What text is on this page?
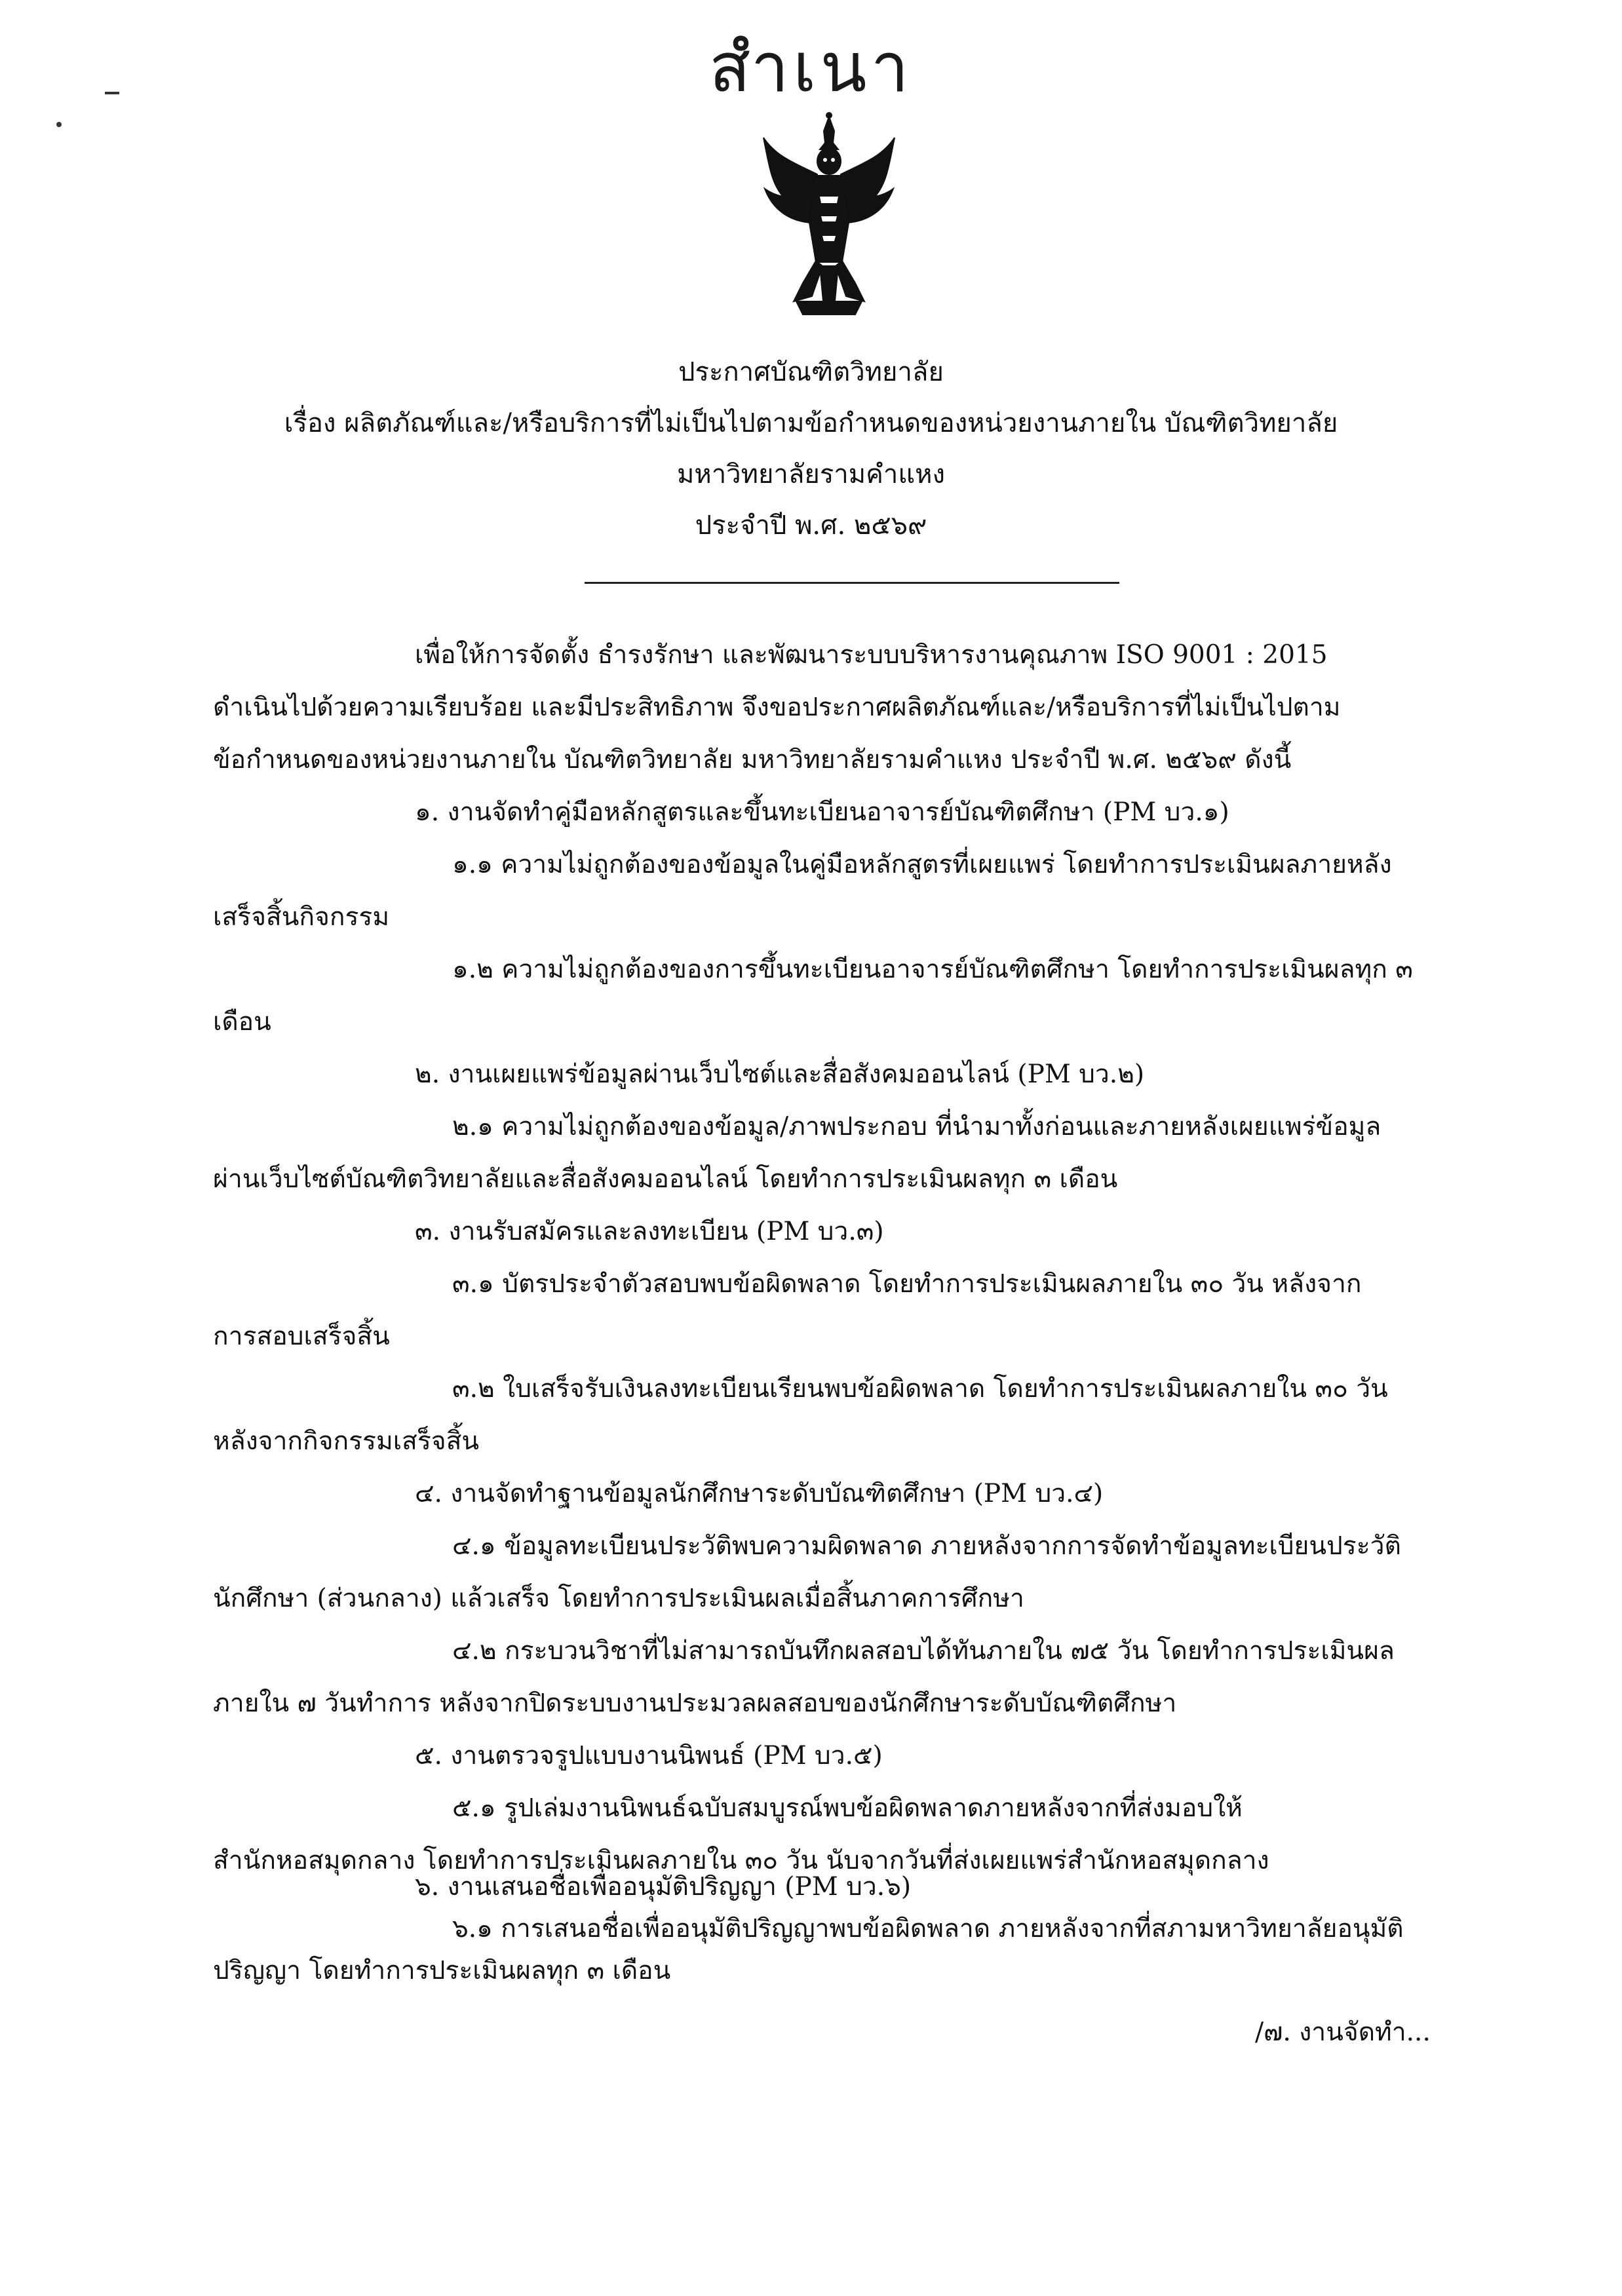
สำเนา
ประกาศบัณฑิตวิทยาลัย
เรื่อง ผลิตภัณฑ์และ/หรือบริการที่ไม่เป็นไปตามข้อกำหนดของหน่วยงานภายใน บัณฑิตวิทยาลัย
มหาวิทยาลัยรามคำแหง
ประจำปี พ.ศ. ๒๕๖๙
เพื่อให้การจัดตั้ง ธำรงรักษา และพัฒนาระบบบริหารงานคุณภาพ ISO 9001 : 2015
ดำเนินไปด้วยความเรียบร้อย และมีประสิทธิภาพ จึงขอประกาศผลิตภัณฑ์และ/หรือบริการที่ไม่เป็นไปตาม
ข้อกำหนดของหน่วยงานภายใน บัณฑิตวิทยาลัย มหาวิทยาลัยรามคำแหง ประจำปี พ.ศ. ๒๕๖๙ ดังนี้
๑. งานจัดทำคู่มือหลักสูตรและขึ้นทะเบียนอาจารย์บัณฑิตศึกษา (PM บว.๑)
๑.๑ ความไม่ถูกต้องของข้อมูลในคู่มือหลักสูตรที่เผยแพร่ โดยทำการประเมินผลภายหลัง
เสร็จสิ้นกิจกรรม
๑.๒ ความไม่ถูกต้องของการขึ้นทะเบียนอาจารย์บัณฑิตศึกษา โดยทำการประเมินผลทุก ๓
เดือน
๒. งานเผยแพร่ข้อมูลผ่านเว็บไซต์และสื่อสังคมออนไลน์ (PM บว.๒)
๒.๑ ความไม่ถูกต้องของข้อมูล/ภาพประกอบ ที่นำมาทั้งก่อนและภายหลังเผยแพร่ข้อมูล
ผ่านเว็บไซต์บัณฑิตวิทยาลัยและสื่อสังคมออนไลน์ โดยทำการประเมินผลทุก ๓ เดือน
๓. งานรับสมัครและลงทะเบียน (PM บว.๓)
๓.๑ บัตรประจำตัวสอบพบข้อผิดพลาด โดยทำการประเมินผลภายใน ๓๐ วัน หลังจาก
การสอบเสร็จสิ้น
๓.๒ ใบเสร็จรับเงินลงทะเบียนเรียนพบข้อผิดพลาด โดยทำการประเมินผลภายใน ๓๐ วัน
หลังจากกิจกรรมเสร็จสิ้น
๔. งานจัดทำฐานข้อมูลนักศึกษาระดับบัณฑิตศึกษา (PM บว.๔)
๔.๑ ข้อมูลทะเบียนประวัติพบความผิดพลาด ภายหลังจากการจัดทำข้อมูลทะเบียนประวัติ
นักศึกษา (ส่วนกลาง) แล้วเสร็จ โดยทำการประเมินผลเมื่อสิ้นภาคการศึกษา
๔.๒ กระบวนวิชาที่ไม่สามารถบันทึกผลสอบได้ทันภายใน ๗๕ วัน โดยทำการประเมินผล
ภายใน ๗ วันทำการ หลังจากปิดระบบงานประมวลผลสอบของนักศึกษาระดับบัณฑิตศึกษา
๕. งานตรวจรูปแบบงานนิพนธ์ (PM บว.๕)
๕.๑ รูปเล่มงานนิพนธ์ฉบับสมบูรณ์พบข้อผิดพลาดภายหลังจากที่ส่งมอบให้
สำนักหอสมุดกลาง โดยทำการประเมินผลภายใน ๓๐ วัน นับจากวันที่ส่งเผยแพร่สำนักหอสมุดกลาง
๖. งานเสนอชื่อเพื่ออนุมัติปริญญา (PM บว.๖)
/๗. งานจัดทำ...
๖.๑ การเสนอชื่อเพื่ออนุมัติปริญญาพบข้อผิดพลาด ภายหลังจากที่สภามหาวิทยาลัยอนุมัติ
ปริญญา โดยทำการประเมินผลทุก ๓ เดือน
